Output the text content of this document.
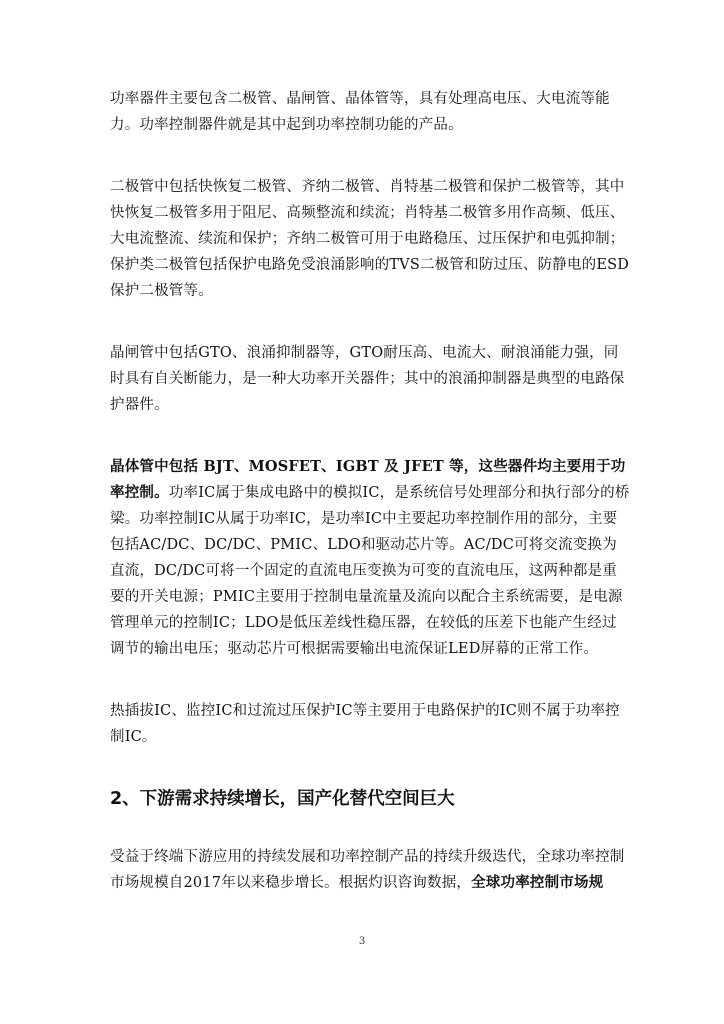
功率器件主要包含二极管、晶闸管、晶体管等，具有处理高电压、大电流等能力。功率控制器件就是其中起到功率控制功能的产品。

二极管中包括快恢复二极管、齐纳二极管、肖特基二极管和保护二极管等，其中快恢复二极管多用于阻尼、高频整流和续流；肖特基二极管多用作高频、低压、大电流整流、续流和保护；齐纳二极管可用于电路稳压、过压保护和电弧抑制；保护类二极管包括保护电路免受浪涌影响的TVS二极管和防过压、防静电的ESD保护二极管等。

晶闸管中包括GTO、浪涌抑制器等，GTO耐压高、电流大、耐浪涌能力强，同时具有自关断能力，是一种大功率开关器件；其中的浪涌抑制器是典型的电路保护器件。

晶体管中包括 BJT、MOSFET、IGBT 及 JFET 等，这些器件均主要用于功率控制。功率IC属于集成电路中的模拟IC，是系统信号处理部分和执行部分的桥梁。功率控制IC从属于功率IC，是功率IC中主要起功率控制作用的部分，主要包括AC/DC、DC/DC、PMIC、LDO和驱动芯片等。AC/DC可将交流变换为直流，DC/DC可将一个固定的直流电压变换为可变的直流电压，这两种都是重要的开关电源；PMIC主要用于控制电量流量及流向以配合主系统需要，是电源管理单元的控制IC；LDO是低压差线性稳压器，在较低的压差下也能产生经过调节的输出电压；驱动芯片可根据需要输出电流保证LED屏幕的正常工作。

热插拔IC、监控IC和过流过压保护IC等主要用于电路保护的IC则不属于功率控制IC。

2、下游需求持续增长，国产化替代空间巨大

受益于终端下游应用的持续发展和功率控制产品的持续升级迭代，全球功率控制市场规模自2017年以来稳步增长。根据灼识咨询数据，全球功率控制市场规

3
